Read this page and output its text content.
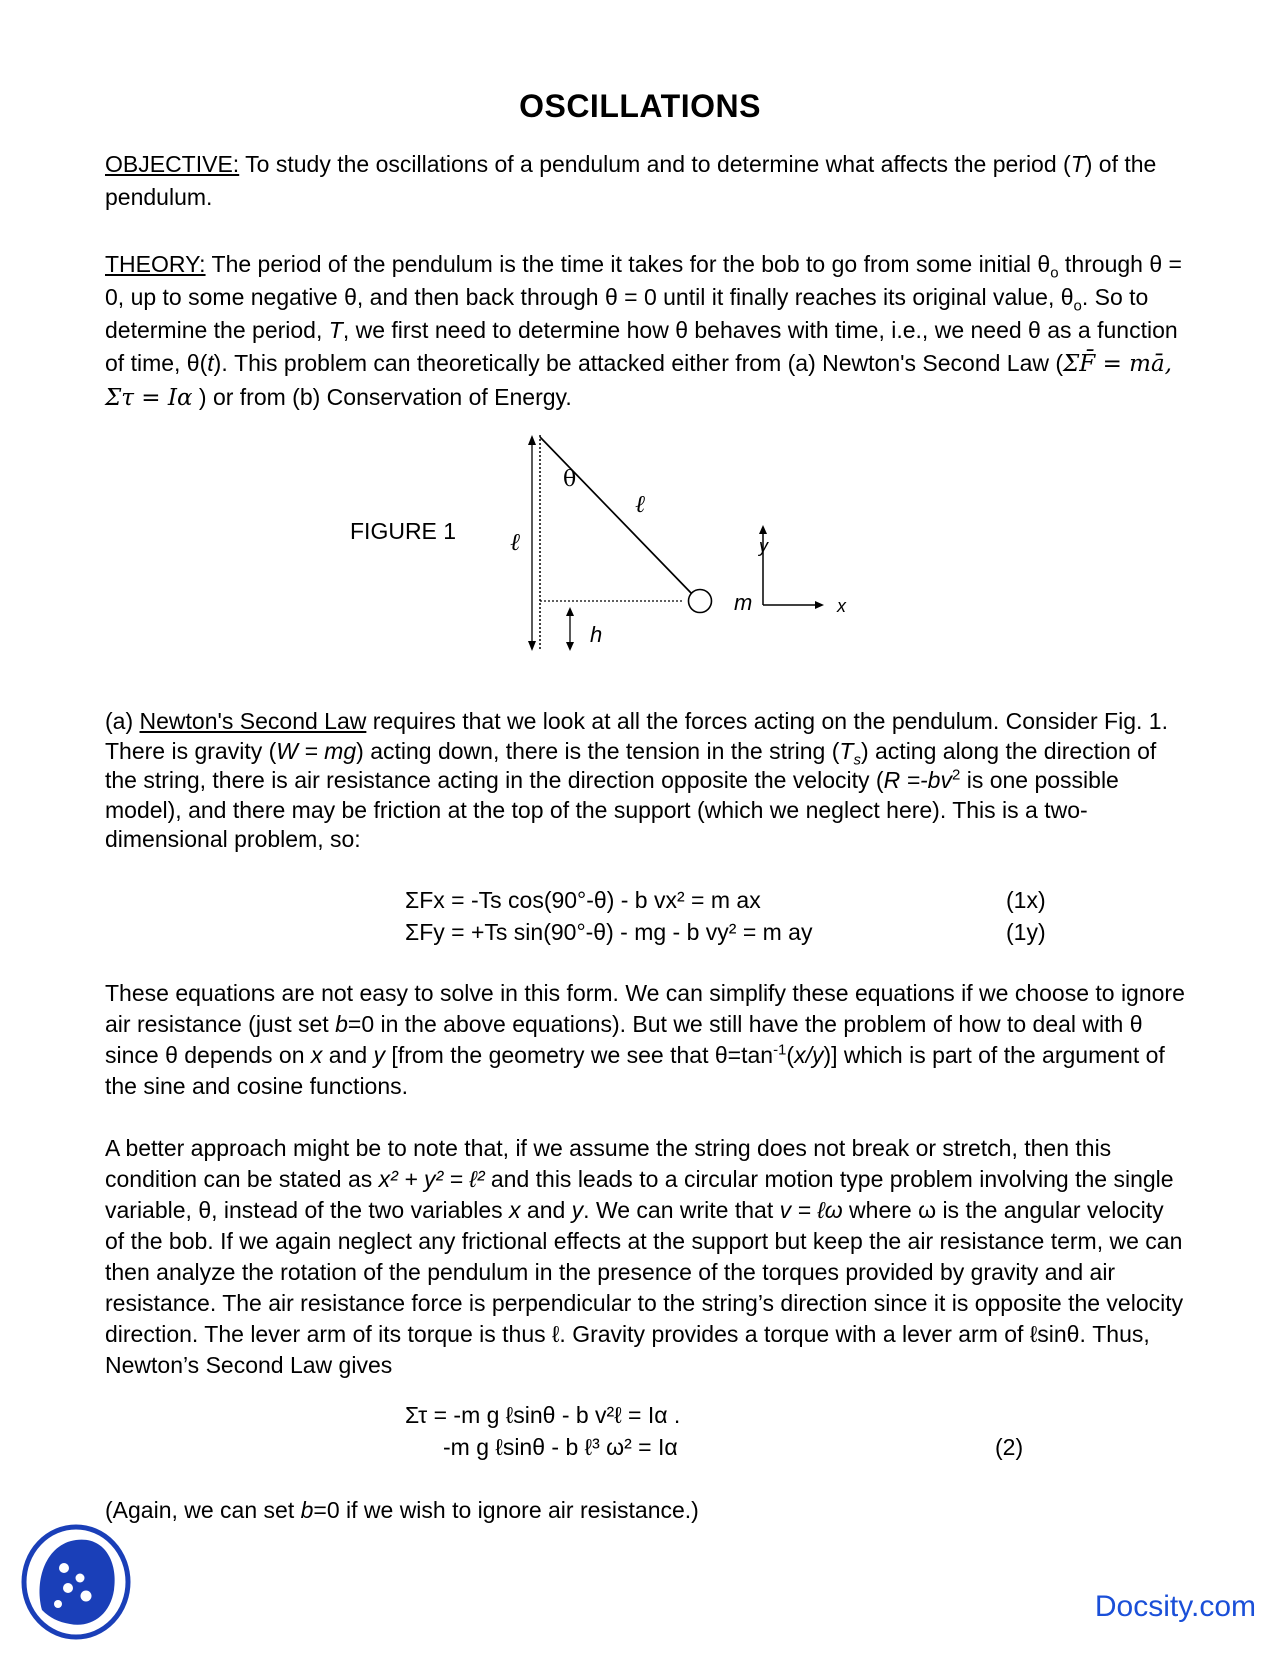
OSCILLATIONS
OBJECTIVE: To study the oscillations of a pendulum and to determine what affects the period (T) of the pendulum.
THEORY: The period of the pendulum is the time it takes for the bob to go from some initial $\theta_o$ through θ = 0, up to some negative θ, and then back through θ = 0 until it finally reaches its original value, $\theta_o$. So to determine the period, T, we first need to determine how θ behaves with time, i.e., we need θ as a function of time, θ(t). This problem can theoretically be attacked either from (a) Newton's Second Law (ΣF̄ = mā, Στ = Iα ) or from (b) Conservation of Energy.
FIGURE 1
θ
ℓ
ℓ
m
h
x
y
(a) Newton's Second Law requires that we look at all the forces acting on the pendulum. Consider Fig. 1. There is gravity (W = mg) acting down, there is the tension in the string $(T_s)$ acting along the direction of the string, there is air resistance acting in the direction opposite the velocity ($R =-bv^2$ is one possible model), and there may be friction at the top of the support (which we neglect here). This is a two-dimensional problem, so:
ΣFx = -Ts cos(90°-θ) - b vx² = m ax	(1x)
ΣFy = +Ts sin(90°-θ) - mg - b vy² = m ay	(1y)
These equations are not easy to solve in this form. We can simplify these equations if we choose to ignore air resistance (just set b=0 in the above equations). But we still have the problem of how to deal with θ since θ depends on x and y [from the geometry we see that $\theta=\tan^{-1}(x/y)$] which is part of the argument of the sine and cosine functions.
A better approach might be to note that, if we assume the string does not break or stretch, then this condition can be stated as x² + y² = ℓ² and this leads to a circular motion type problem involving the single variable, θ, instead of the two variables x and y. We can write that v = ℓω where ω is the angular velocity of the bob. If we again neglect any frictional effects at the support but keep the air resistance term, we can then analyze the rotation of the pendulum in the presence of the torques provided by gravity and air resistance. The air resistance force is perpendicular to the string’s direction since it is opposite the velocity direction. The lever arm of its torque is thus ℓ. Gravity provides a torque with a lever arm of ℓsinθ. Thus, Newton’s Second Law gives
Στ = -m g ℓsinθ - b v²ℓ = Iα .
-m g ℓsinθ - b ℓ³ ω² = Iα	(2)
(Again, we can set b=0 if we wish to ignore air resistance.)
Docsity.com
